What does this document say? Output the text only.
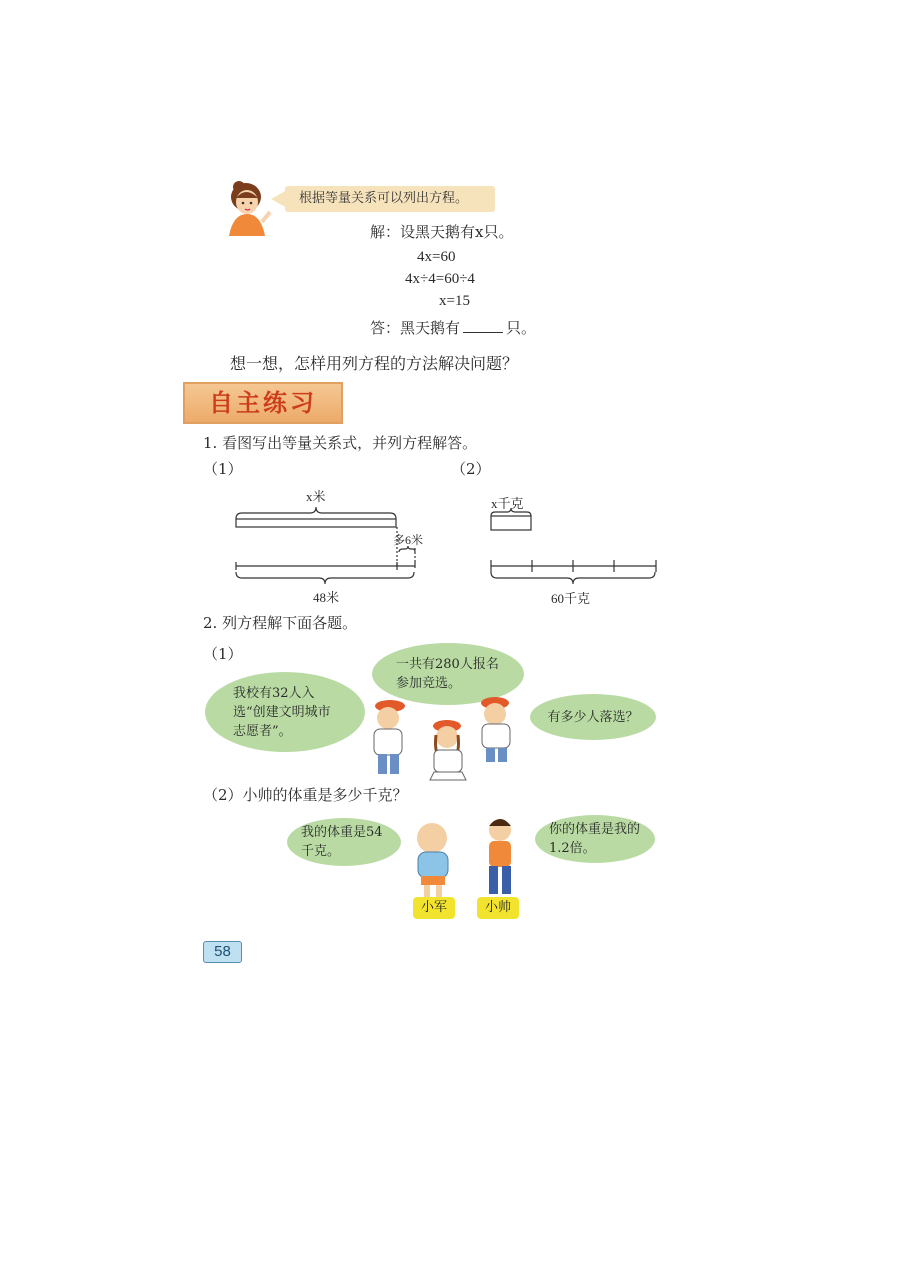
根据等量关系可以列出方程。
解：设黑天鹅有x只。
4x=60
4x÷4=60÷4
x=15
答：黑天鹅有	只。
想一想，怎样用列方程的方法解决问题？
自主练习
1. 看图写出等量关系式，并列方程解答。
（1）	（2）
x米
多6米
48米
x千克
60千克
2. 列方程解下面各题。
（1）
我校有32人入选“创建文明城市志愿者”。
一共有280人报名参加竞选。
有多少人落选？
（2）小帅的体重是多少千克？
我的体重是54千克。
你的体重是我的1.2倍。
小军	小帅
58
